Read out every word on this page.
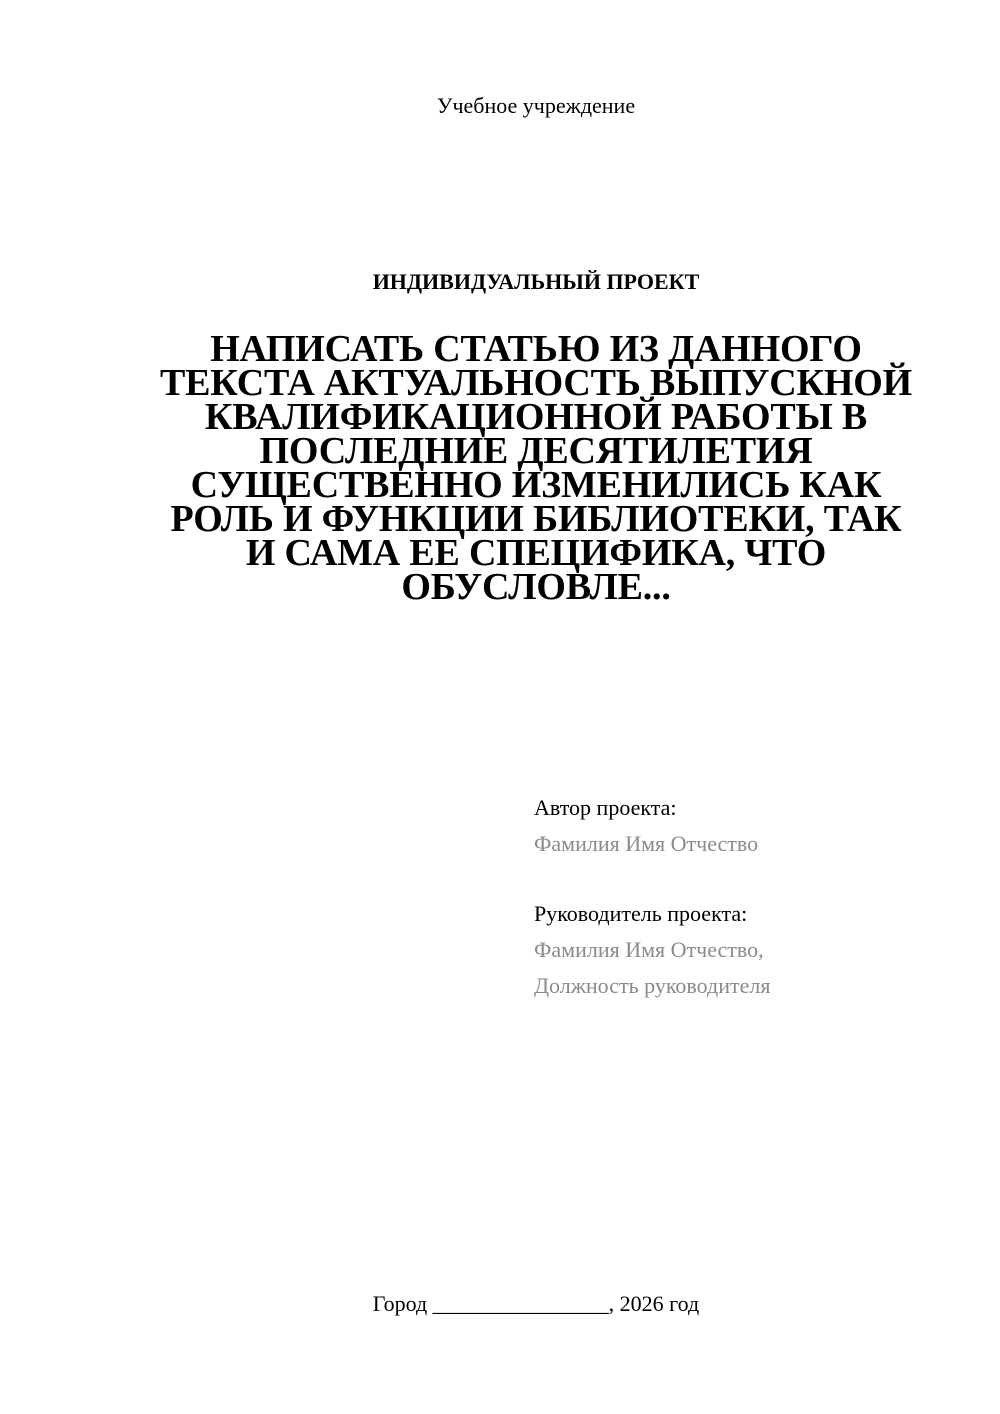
Учебное учреждение
ИНДИВИДУАЛЬНЫЙ ПРОЕКТ
НАПИСАТЬ СТАТЬЮ ИЗ ДАННОГО
ТЕКСТА АКТУАЛЬНОСТЬ ВЫПУСКНОЙ
КВАЛИФИКАЦИОННОЙ РАБОТЫ В
ПОСЛЕДНИЕ ДЕСЯТИЛЕТИЯ
СУЩЕСТВЕННО ИЗМЕНИЛИСЬ КАК
РОЛЬ И ФУНКЦИИ БИБЛИОТЕКИ, ТАК
И САМА ЕЕ СПЕЦИФИКА, ЧТО
ОБУСЛОВЛЕ...
Автор проекта:
Фамилия Имя Отчество
Руководитель проекта:
Фамилия Имя Отчество,
Должность руководителя
Город ________________, 2026 год
